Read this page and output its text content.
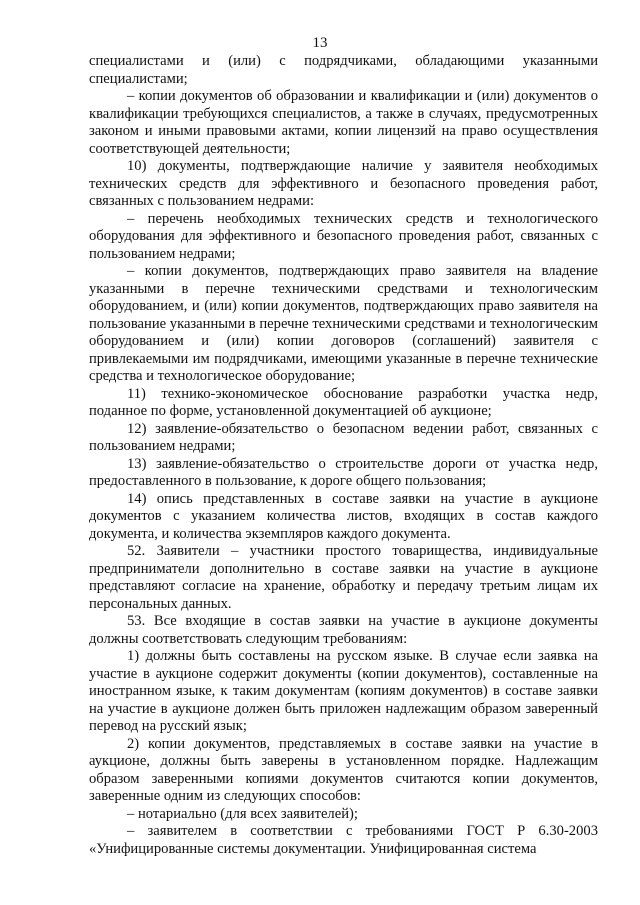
13

специалистами и (или) с подрядчиками, обладающими указанными специалистами;

– копии документов об образовании и квалификации и (или) документов о квалификации требующихся специалистов, а также в случаях, предусмотренных законом и иными правовыми актами, копии лицензий на право осуществления соответствующей деятельности;

10) документы, подтверждающие наличие у заявителя необходимых технических средств для эффективного и безопасного проведения работ, связанных с пользованием недрами:

– перечень необходимых технических средств и технологического оборудования для эффективного и безопасного проведения работ, связанных с пользованием недрами;

– копии документов, подтверждающих право заявителя на владение указанными в перечне техническими средствами и технологическим оборудованием, и (или) копии документов, подтверждающих право заявителя на пользование указанными в перечне техническими средствами и технологическим оборудованием и (или) копии договоров (соглашений) заявителя с привлекаемыми им подрядчиками, имеющими указанные в перечне технические средства и технологическое оборудование;

11) технико-экономическое обоснование разработки участка недр, поданное по форме, установленной документацией об аукционе;

12) заявление-обязательство о безопасном ведении работ, связанных с пользованием недрами;

13) заявление-обязательство о строительстве дороги от участка недр, предоставленного в пользование, к дороге общего пользования;

14) опись представленных в составе заявки на участие в аукционе документов с указанием количества листов, входящих в состав каждого документа, и количества экземпляров каждого документа.

52. Заявители – участники простого товарищества, индивидуальные предприниматели дополнительно в составе заявки на участие в аукционе представляют согласие на хранение, обработку и передачу третьим лицам их персональных данных.

53. Все входящие в состав заявки на участие в аукционе документы должны соответствовать следующим требованиям:

1) должны быть составлены на русском языке. В случае если заявка на участие в аукционе содержит документы (копии документов), составленные на иностранном языке, к таким документам (копиям документов) в составе заявки на участие в аукционе должен быть приложен надлежащим образом заверенный перевод на русский язык;

2) копии документов, представляемых в составе заявки на участие в аукционе, должны быть заверены в установленном порядке. Надлежащим образом заверенными копиями документов считаются копии документов, заверенные одним из следующих способов:

– нотариально (для всех заявителей);

– заявителем в соответствии с требованиями ГОСТ Р 6.30-2003 «Унифицированные системы документации. Унифицированная система
